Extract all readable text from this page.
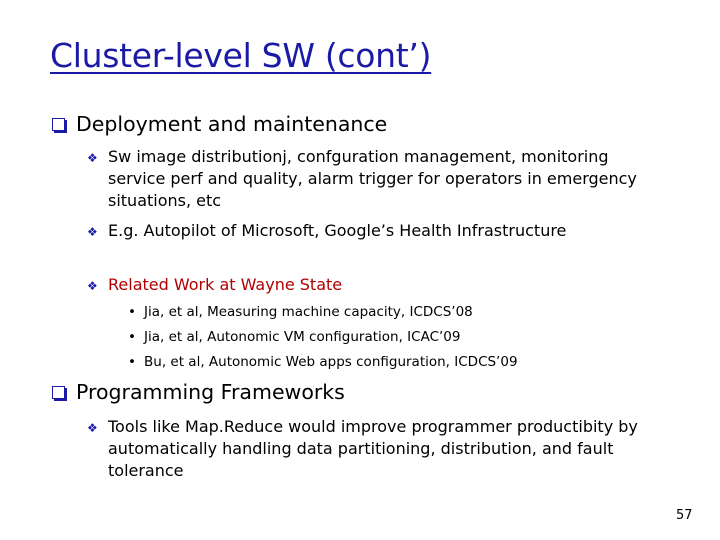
Cluster-level SW (cont’)
Deployment and maintenance
❖ Sw image distributionj, confguration management, monitoring service perf and quality, alarm trigger for operators in emergency situations, etc
❖ E.g. Autopilot of Microsoft, Google’s Health Infrastructure
❖ Related Work at Wayne State
• Jia, et al, Measuring machine capacity, ICDCS’08
• Jia, et al, Autonomic VM configuration, ICAC’09
• Bu, et al, Autonomic Web apps configuration, ICDCS’09
Programming Frameworks
❖ Tools like Map.Reduce would improve programmer productibity by automatically handling data partitioning, distribution, and fault tolerance
57
